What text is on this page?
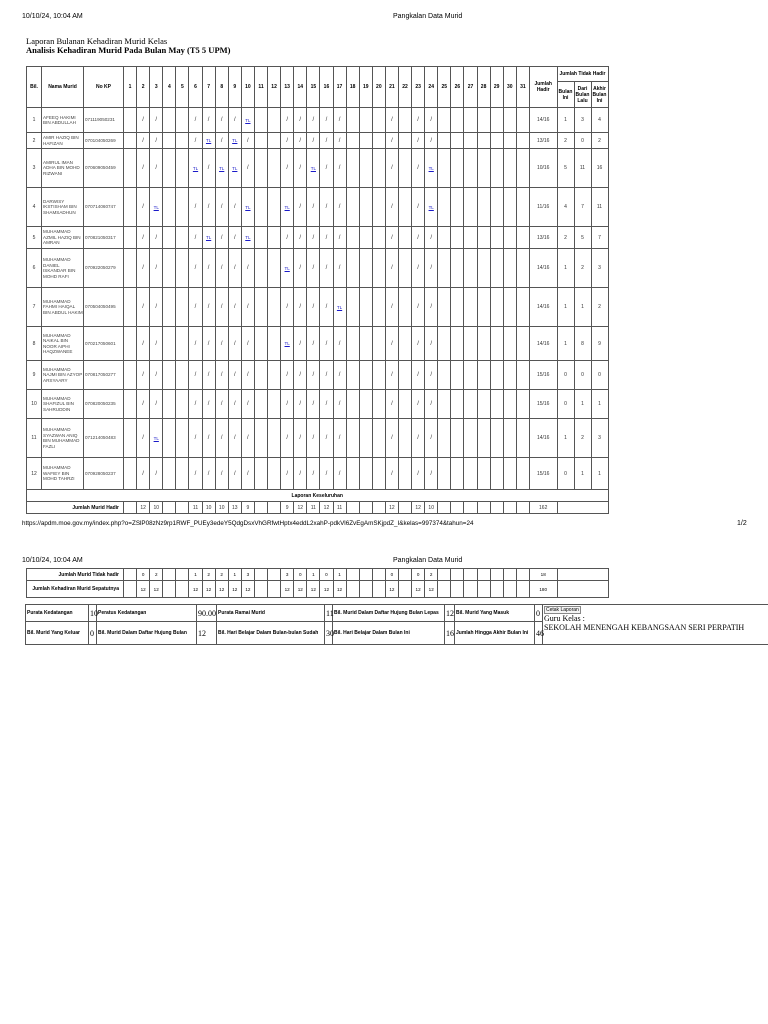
10/10/24, 10:04 AM	Pangkalan Data Murid
Laporan Bulanan Kehadiran Murid Kelas
Analisis Kehadiran Murid Pada Bulan May (T5 5 UPM)
Bil.	Nama Murid	No KP	1	2	3	4	5	6	7	8	9	10	11	12	13	14	15	16	17	18	19	20	21	22	23	24	25	26	27	28	29	30	31	Jumlah Hadir	Jumlah Tidak Hadir		
																																			Bulan Ini	Dari Bulan Lalu	Akhir Bulan Ini
1	AFEEQ HAKIMI BIN ABDULLAH	071119050231		/	/			/	/	/	/	TL			/	/	/	/	/				/		/	/								14/16	1	3	4
2	AMIR HAZIQ BIN HAFIZAN	070104050269		/	/			/	TL	/	TL	/			/	/	/	/	/				/		/	/								13/16	2	0	2
3	AMIRUL IMAN ADHA BIN MOHD RIZWANI	070609050459		/	/			TL	/	TL	TL	/			/	/	TL	/	/				/		/	TL								10/16	5	11	16
4	DARWISY IKSTISHAM BIN SHAMSADHUN	070714060747		/	TL			/	/	/	/	TL			TL	/	/	/	/				/		/	TL								11/16	4	7	11
5	MUHAMMAD AZMIL HAZIQ BIN AMRAN	070821050317		/	/			/	TL	/	/	TL			/	/	/	/	/				/		/	/								13/16	2	5	7
6	MUHAMMAD DANIEL ISKANDAR BIN MOHD RAFI	070922050279		/	/			/	/	/	/	/			TL	/	/	/	/				/		/	/								14/16	1	2	3
7	MUHAMMAD FAHMI HAIQAL BIN ABDUL HAKIM	070504050495		/	/			/	/	/	/	/			/	/	/	/	TL				/		/	/								14/16	1	1	2
8	MUHAMMAD NAIKAL BIN NOOR AIPHI HAQZWANEE	070217050601		/	/			/	/	/	/	/			TL	/	/	/	/				/		/	/								14/16	1	8	9
9	MUHAMMAD NAJMI BIN AZYOP ARSYAARY	070817050277		/	/			/	/	/	/	/			/	/	/	/	/				/		/	/								15/16	0	0	0
10	MUHAMMAD SHAFIZUL BIN SAHRUDDIN	070820050235		/	/			/	/	/	/	/			/	/	/	/	/				/		/	/								15/16	0	1	1
11	MUHAMMAD SYAZWAN ANIQ BIN MUHAMMAD FAZLI	071214050483		/	TL			/	/	/	/	/			/	/	/	/	/				/		/	/								14/16	1	2	3
12	MUHAMMAD WAFIEY BIN MOHD TAHRZI	070928050237		/	/			/	/	/	/	/			/	/	/	/	/				/		/	/								15/16	0	1	1
Laporan Keseluruhan																																					
Jumlah Murid Hadir				12	10			11	10	10	13	9			9	12	11	12	11				12		12	10								162			
https://apdm.moe.gov.my/index.php?o=ZSlP08zNz9rp1RWF_PUEy3edeY5QdgDsxVhGRfwtHptx4eddL2xahP-pdkVl6ZvEgAmSKjpdZ_I&kelas=997374&tahun=24	1/2
10/10/24, 10:04 AM	Pangkalan Data Murid
Jumlah Murid Tidak hadir		0	2			1	2	2	1	3			3	0	1	0	1				0		0	2								18	
Jumlah Kehadiran Murid Sepatutnya		12	12			12	12	12	12	12			12	12	12	12	12				12		12	12								180	
Purata Kedatangan	10	Peratus Kedatangan	90.00	Purata Ramai Murid	11	Bil. Murid Dalam Daftar Hujung Bulan Lepas	12	Bil. Murid Yang Masuk	0	Cetak Laporan
Guru Kelas :
SEKOLAH MENENGAH KEBANGSAAN SERI PERPATIH
Bil. Murid Yang Keluar	0	Bil. Murid Dalam Daftar Hujung Bulan	12	Bil. Hari Belajar Dalam Bulan-bulan Sudah	30	Bil. Hari Belajar Dalam Bulan Ini	16	Jumlah Hingga Akhir Bulan Ini	46	
